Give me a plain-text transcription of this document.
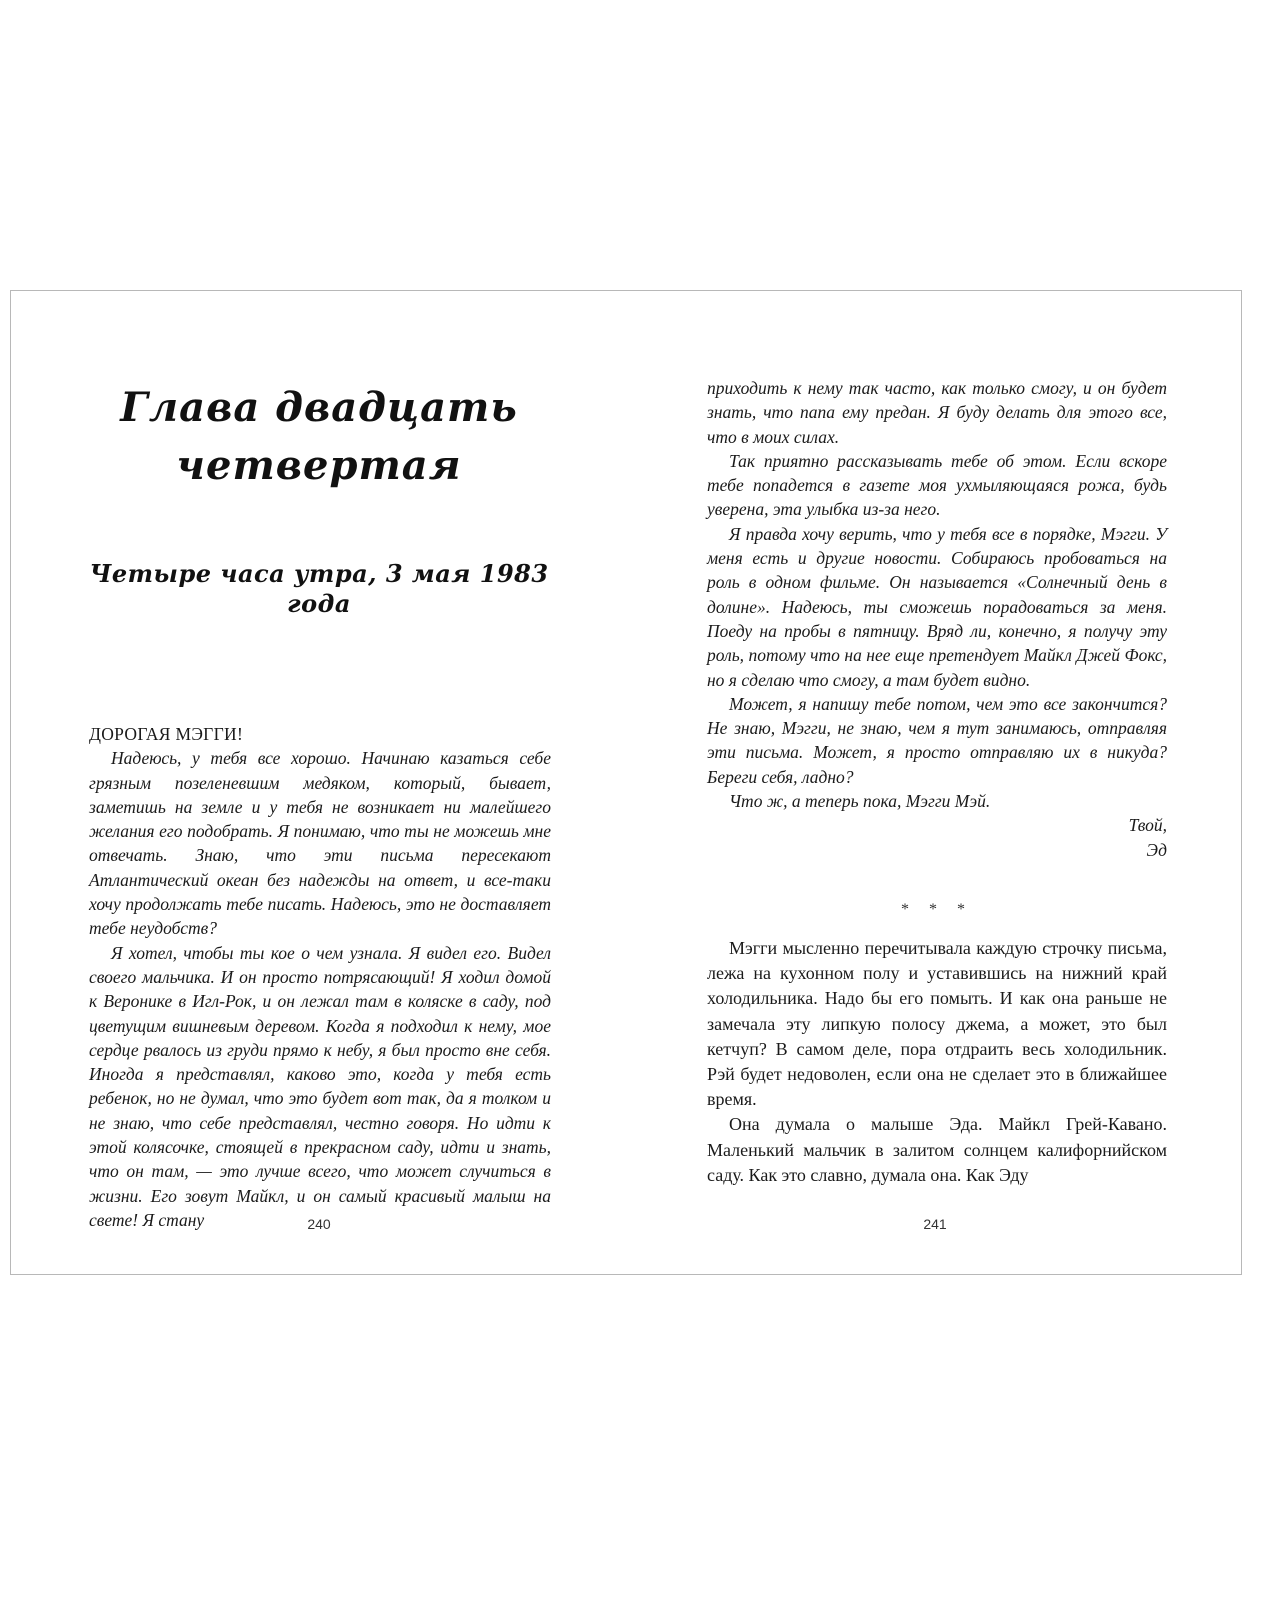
Глава двадцать четвертая
Четыре часа утра, 3 мая 1983 года

ДОРОГАЯ МЭГГИ!

Надеюсь, у тебя все хорошо. Начинаю казаться себе грязным позеленевшим медяком, который, бывает, заметишь на земле и у тебя не возникает ни малейшего желания его подобрать. Я понимаю, что ты не можешь мне отвечать. Знаю, что эти письма пересекают Атлантический океан без надежды на ответ, и все-таки хочу продолжать тебе писать. Надеюсь, это не доставляет тебе неудобств?

Я хотел, чтобы ты кое о чем узнала. Я видел его. Видел своего мальчика. И он просто потрясающий! Я ходил домой к Веронике в Игл-Рок, и он лежал там в коляске в саду, под цветущим вишневым деревом. Когда я подходил к нему, мое сердце рвалось из груди прямо к небу, я был просто вне себя. Иногда я представлял, каково это, когда у тебя есть ребенок, но не думал, что это будет вот так, да я толком и не знаю, что себе представлял, честно говоря. Но идти к этой колясочке, стоящей в прекрасном саду, идти и знать, что он там, — это лучше всего, что может случиться в жизни. Его зовут Майкл, и он самый красивый малыш на свете! Я стану	240

приходить к нему так часто, как только смогу, и он будет знать, что папа ему предан. Я буду делать для этого все, что в моих силах.

Так приятно рассказывать тебе об этом. Если вскоре тебе попадется в газете моя ухмыляющаяся рожа, будь уверена, эта улыбка из-за него.

Я правда хочу верить, что у тебя все в порядке, Мэгги. У меня есть и другие новости. Собираюсь пробоваться на роль в одном фильме. Он называется «Солнечный день в долине». Надеюсь, ты сможешь порадоваться за меня. Поеду на пробы в пятницу. Вряд ли, конечно, я получу эту роль, потому что на нее еще претендует Майкл Джей Фокс, но я сделаю что смогу, а там будет видно.

Может, я напишу тебе потом, чем это все закончится? Не знаю, Мэгги, не знаю, чем я тут занимаюсь, отправляя эти письма. Может, я просто отправляю их в никуда? Береги себя, ладно?

Что ж, а теперь пока, Мэгги Мэй.

Твой,

Эд

* * *

Мэгги мысленно перечитывала каждую строчку письма, лежа на кухонном полу и уставившись на нижний край холодильника. Надо бы его помыть. И как она раньше не замечала эту липкую полосу джема, а может, это был кетчуп? В самом деле, пора отдраить весь холодильник. Рэй будет недоволен, если она не сделает это в ближайшее время.

Она думала о малыше Эда. Майкл Грей-Кавано. Маленький мальчик в залитом солнцем калифорнийском саду. Как это славно, думала она. Как Эду

241
